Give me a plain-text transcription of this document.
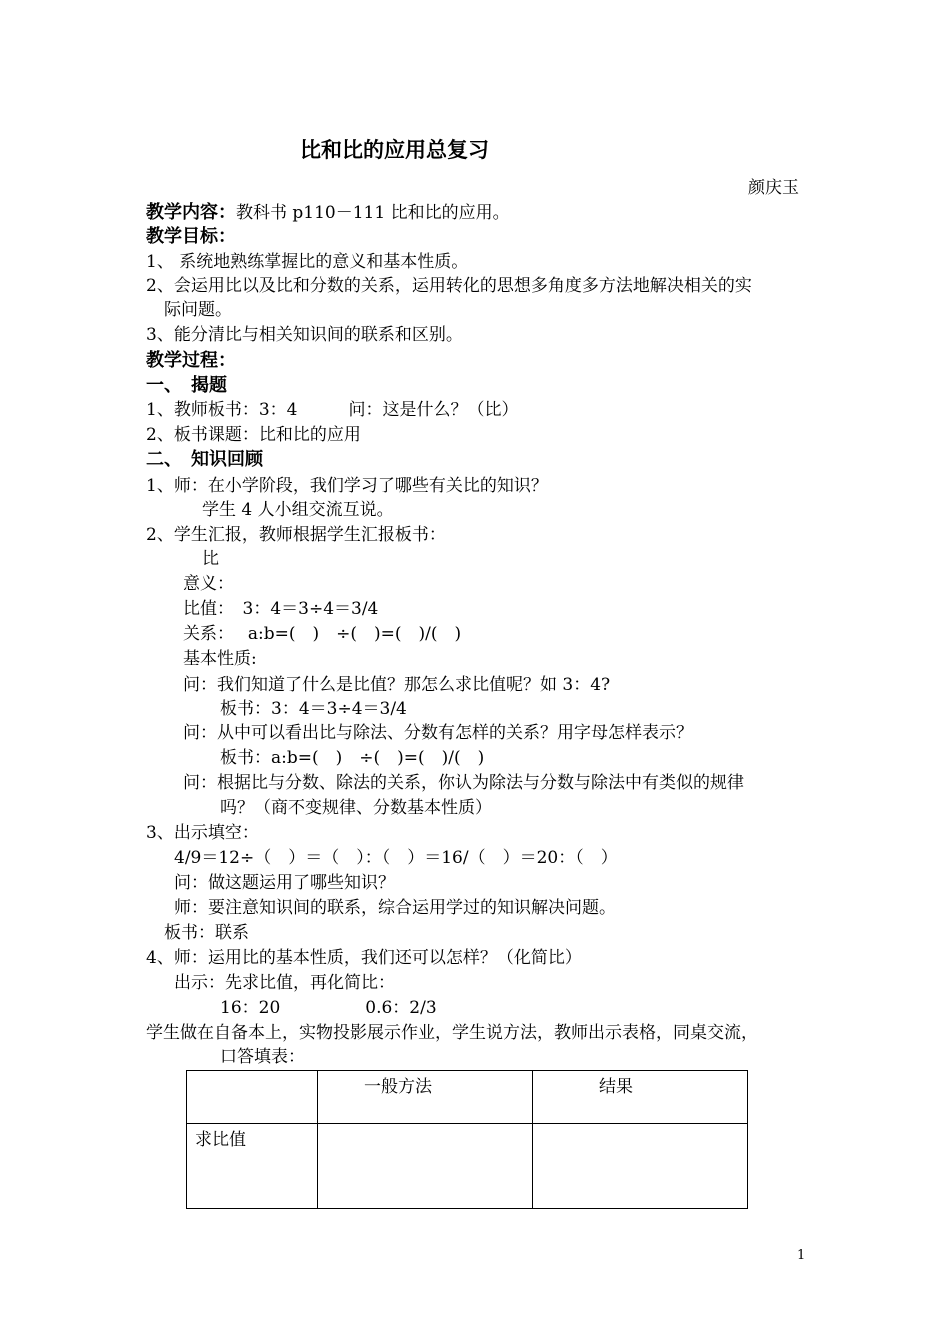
比和比的应用总复习
颜庆玉
教学内容：教科书 p110－111 比和比的应用。
教学目标：
1、 系统地熟练掌握比的意义和基本性质。
2、会运用比以及比和分数的关系，运用转化的思想多角度多方法地解决相关的实
际问题。
3、能分清比与相关知识间的联系和区别。
教学过程：
一、　揭题
1、教师板书：3：4　　　问：这是什么？（比）
2、板书课题：比和比的应用
二、　知识回顾
1、师：在小学阶段，我们学习了哪些有关比的知识？
学生 4 人小组交流互说。
2、学生汇报，教师根据学生汇报板书：
比
意义：
比值：　3：4＝3÷4＝3/4
关系：　 a:b=(　)　÷(　)=(　)/(　)
基本性质:
问：我们知道了什么是比值？那怎么求比值呢？如 3：4?
板书：3：4＝3÷4＝3/4
问：从中可以看出比与除法、分数有怎样的关系？用字母怎样表示？
板书：a:b=(　)　÷(　)=(　)/(　)
问：根据比与分数、除法的关系，你认为除法与分数与除法中有类似的规律
吗？（商不变规律、分数基本性质）
3、出示填空：
4/9＝12÷（　）＝（　）：（　）＝16/（　）＝20：（　）
问：做这题运用了哪些知识？
师：要注意知识间的联系，综合运用学过的知识解决问题。
板书：联系
4、师：运用比的基本性质，我们还可以怎样？（化简比）
出示：先求比值，再化简比：
16：20　　　　　0.6：2/3
学生做在自备本上，实物投影展示作业，学生说方法，教师出示表格，同桌交流，
口答填表：
	一般方法	结果
求比值		
1
